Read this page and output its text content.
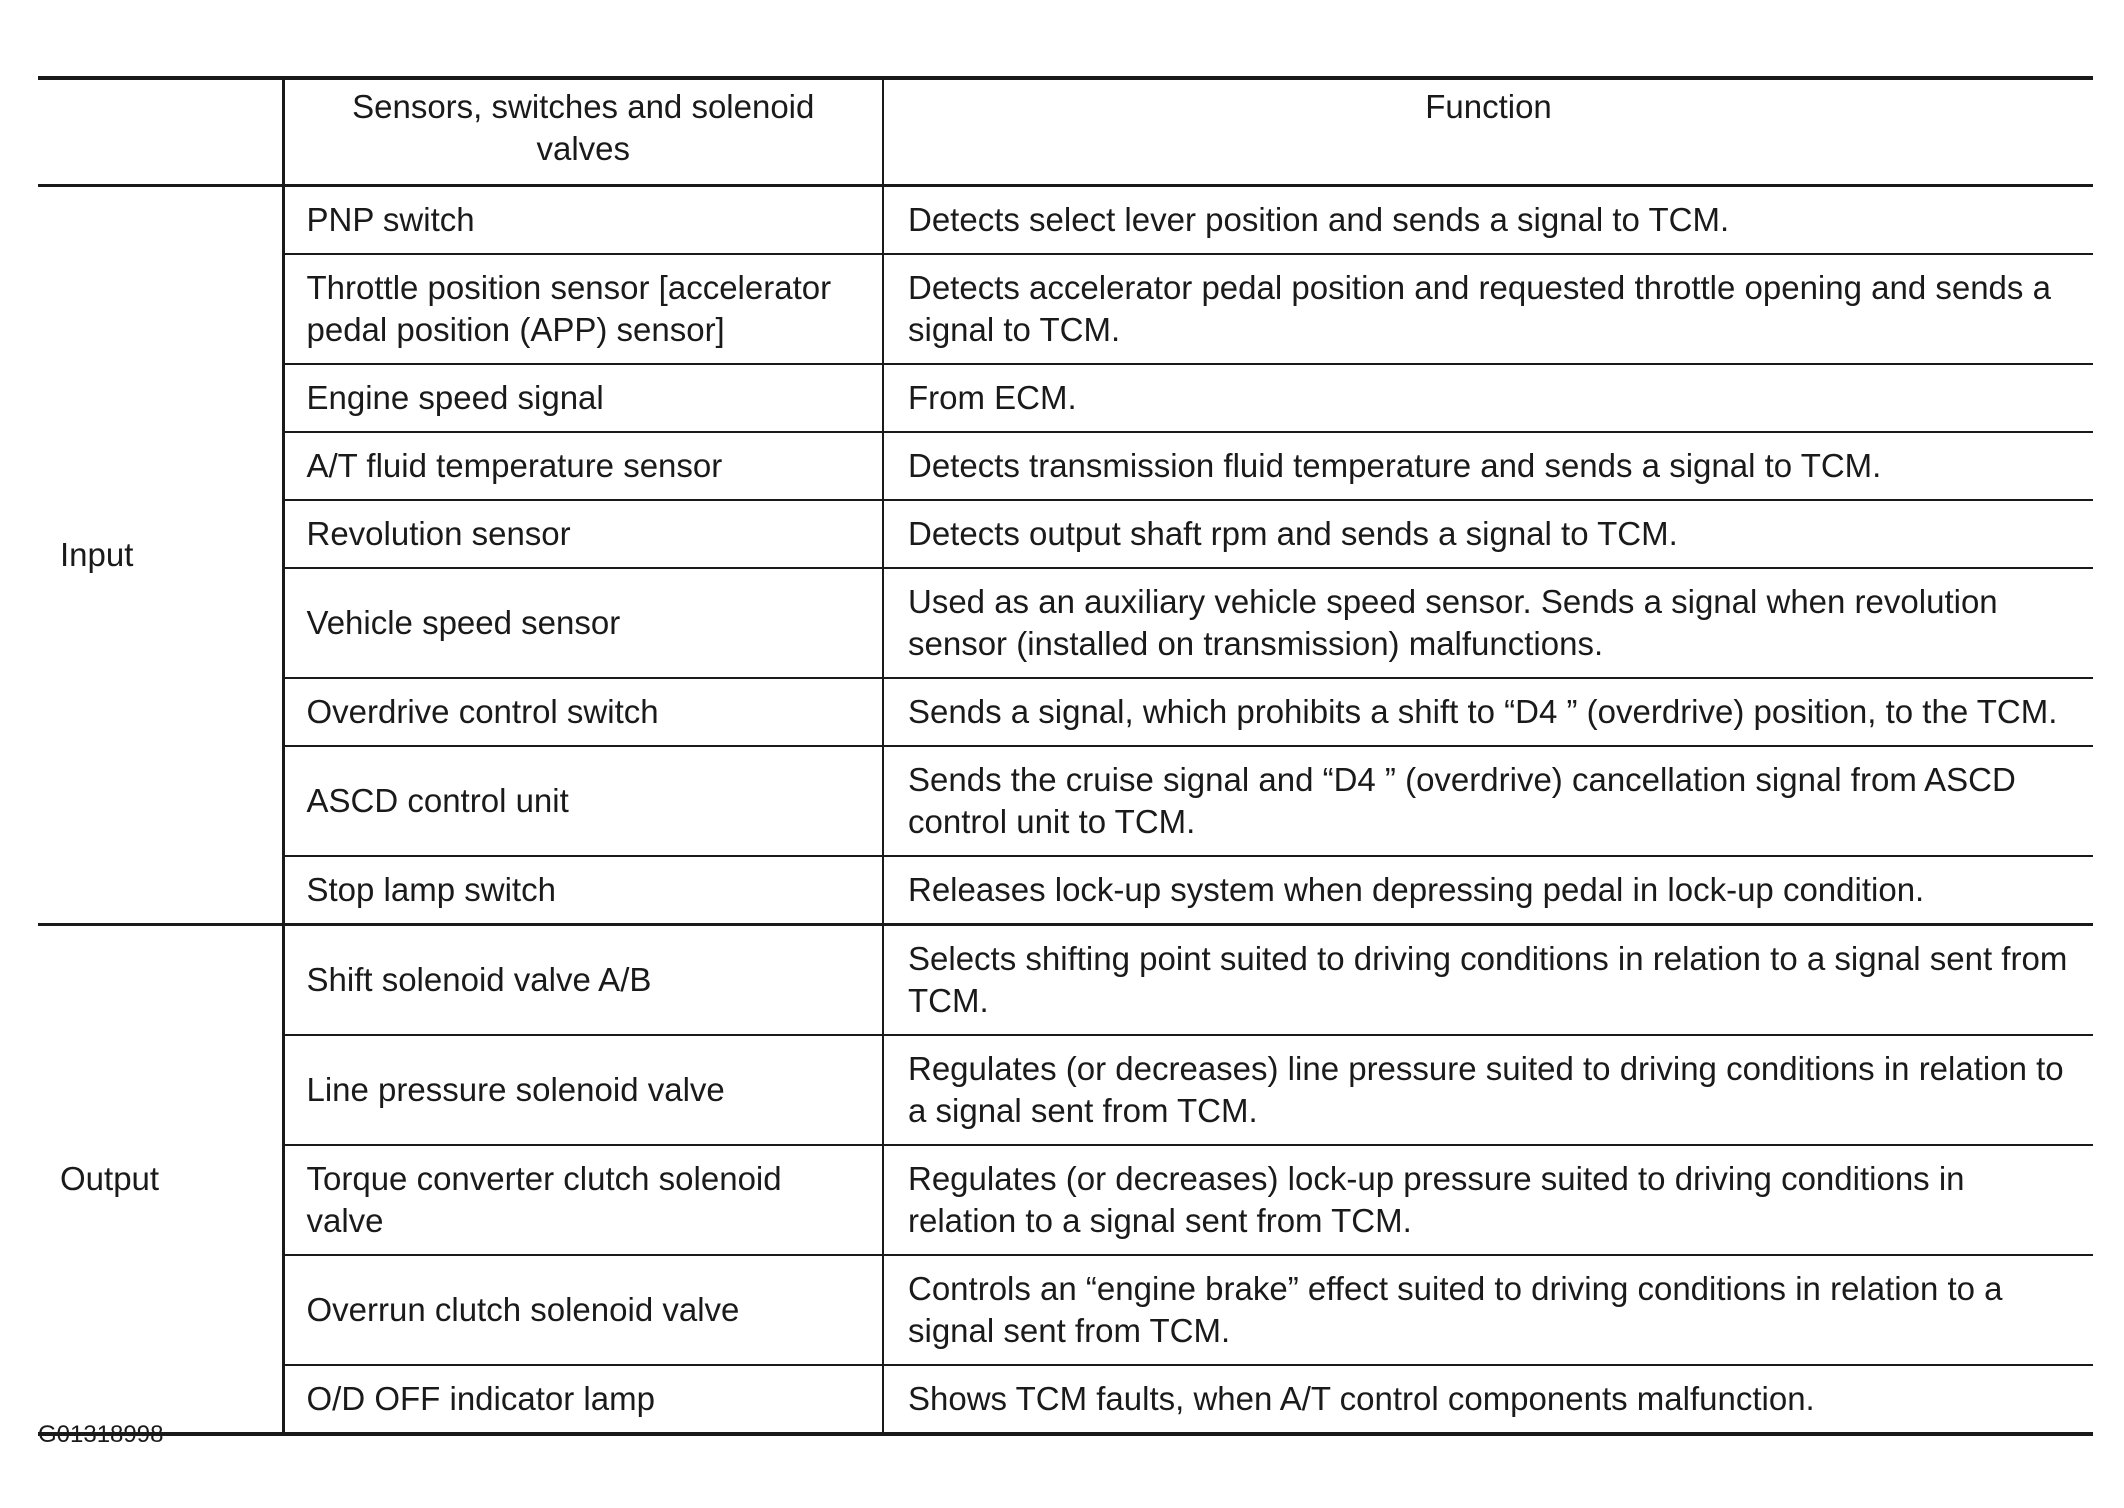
	Sensors, switches and solenoid valves	Function
Input	PNP switch	Detects select lever position and sends a signal to TCM.
	Throttle position sensor [accelerator pedal position (APP) sensor]	Detects accelerator pedal position and requested throttle opening and sends a signal to TCM.
	Engine speed signal	From ECM.
	A/T fluid temperature sensor	Detects transmission fluid temperature and sends a signal to TCM.
	Revolution sensor	Detects output shaft rpm and sends a signal to TCM.
	Vehicle speed sensor	Used as an auxiliary vehicle speed sensor. Sends a signal when revolution sensor (installed on transmission) malfunctions.
	Overdrive control switch	Sends a signal, which prohibits a shift to “D4 ” (overdrive) position, to the TCM.
	ASCD control unit	Sends the cruise signal and “D4 ” (overdrive) cancellation signal from ASCD control unit to TCM.
	Stop lamp switch	Releases lock-up system when depressing pedal in lock-up condition.
Output	Shift solenoid valve A/B	Selects shifting point suited to driving conditions in relation to a signal sent from TCM.
	Line pressure solenoid valve	Regulates (or decreases) line pressure suited to driving conditions in relation to a signal sent from TCM.
	Torque converter clutch solenoid valve	Regulates (or decreases) lock-up pressure suited to driving conditions in relation to a signal sent from TCM.
	Overrun clutch solenoid valve	Controls an “engine brake” effect suited to driving conditions in relation to a signal sent from TCM.
	O/D OFF indicator lamp	Shows TCM faults, when A/T control components malfunction.
G01318998
